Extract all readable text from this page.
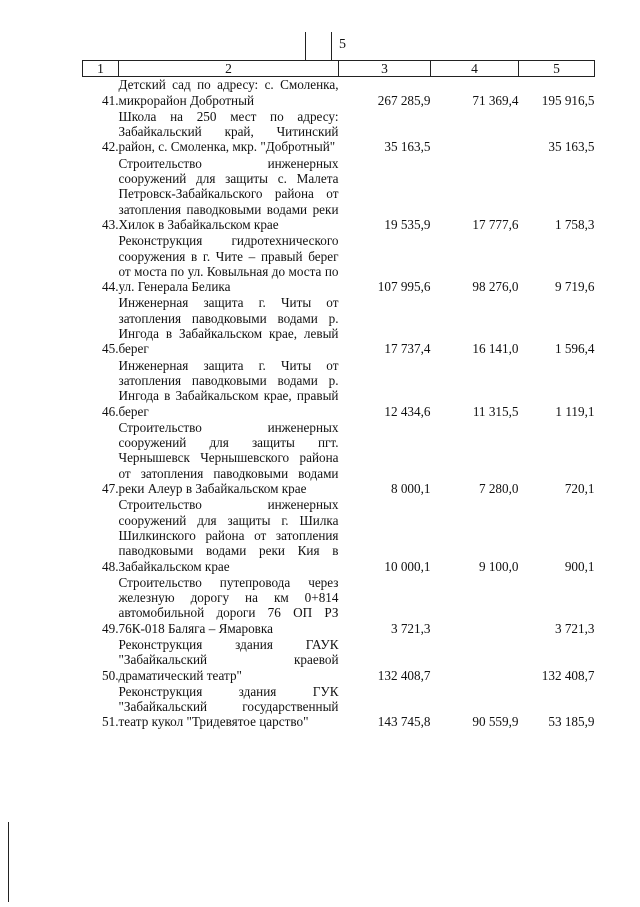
5
1	2	3	4	5
41.	Детский сад по адресу: с. Смоленка, микрорайон Добротный	267 285,9	71 369,4	195 916,5
42.	Школа на 250 мест по адресу: Забайкальский край, Читинский район, с. Смоленка, мкр. "Добротный"	35 163,5		35 163,5
43.	Строительство инженерных сооружений для защиты с. Малета Петровск-Забайкальского района от затопления паводковыми водами реки Хилок в Забайкальском крае	19 535,9	17 777,6	1 758,3
44.	Реконструкция гидротехнического сооружения в г. Чите – правый берег от моста по ул. Ковыльная до моста по ул. Генерала Белика	107 995,6	98 276,0	9 719,6
45.	Инженерная защита г. Читы от затопления паводковыми водами р. Ингода в Забайкальском крае, левый берег	17 737,4	16 141,0	1 596,4
46.	Инженерная защита г. Читы от затопления паводковыми водами р. Ингода в Забайкальском крае, правый берег	12 434,6	11 315,5	1 119,1
47.	Строительство инженерных сооружений для защиты пгт. Чернышевск Чернышевского района от затопления паводковыми водами реки Алеур в Забайкальском крае	8 000,1	7 280,0	720,1
48.	Строительство инженерных сооружений для защиты г. Шилка Шилкинского района от затопления паводковыми водами реки Кия в Забайкальском крае	10 000,1	9 100,0	900,1
49.	Строительство путепровода через железную дорогу на км 0+814 автомобильной дороги 76 ОП РЗ 76К-018 Балягa – Ямаровка	3 721,3		3 721,3
50.	Реконструкция здания ГАУК "Забайкальский краевой драматический театр"	132 408,7		132 408,7
51.	Реконструкция здания ГУК "Забайкальский государственный театр кукол "Тридевятое царство"	143 745,8	90 559,9	53 185,9
